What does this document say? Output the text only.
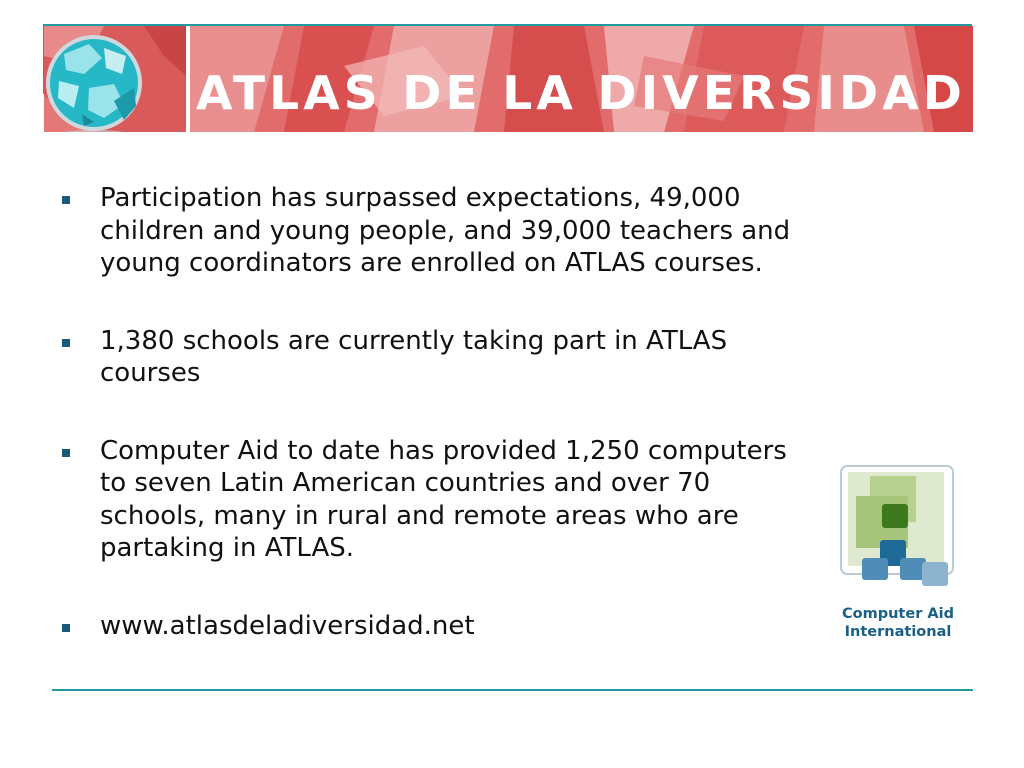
ATLAS DE LA DIVERSIDAD
Participation has surpassed expectations, 49,000 children and young people, and 39,000 teachers and young coordinators are enrolled on ATLAS courses.
1,380 schools are currently taking part in ATLAS courses
Computer Aid to date has provided 1,250 computers to seven Latin American countries and over 70 schools, many in rural and remote areas who are partaking in ATLAS.
www.atlasdeladiversidad.net	Computer Aid
International
